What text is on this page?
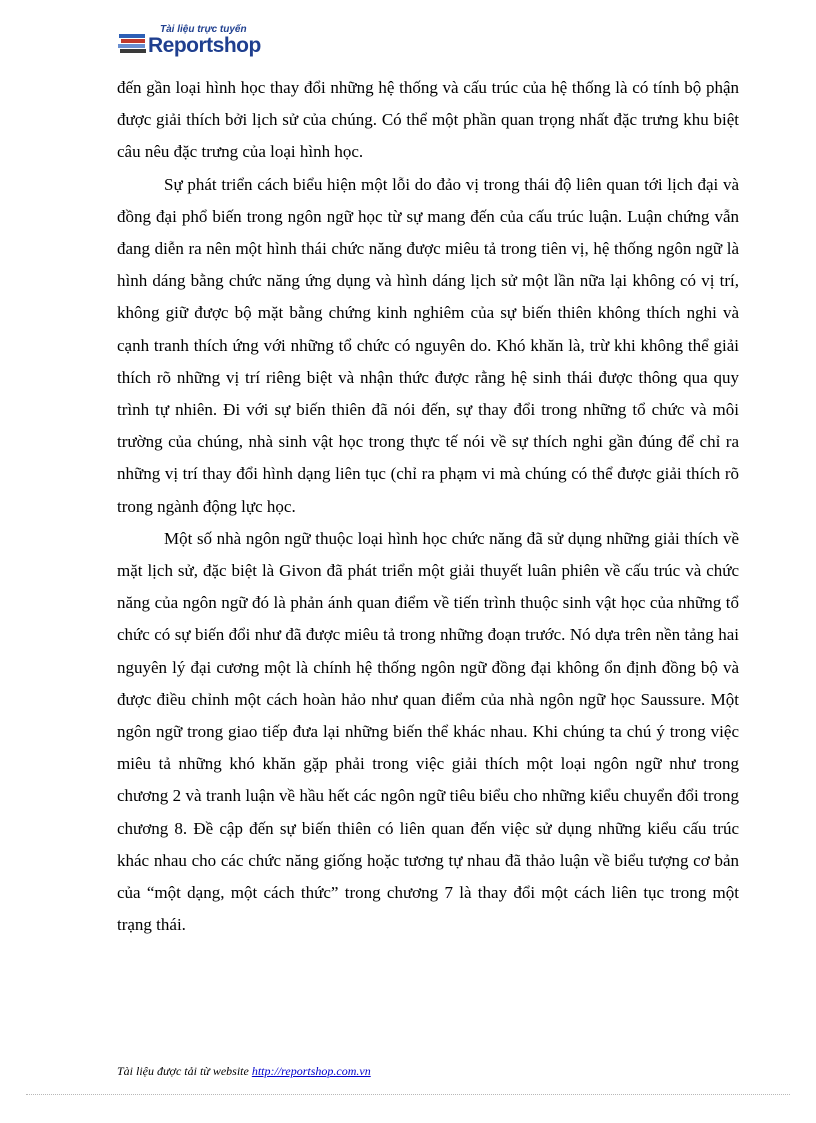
Tài liệu trực tuyến
Reportshop

đến gần loại hình học thay đổi những hệ thống và cấu trúc của hệ thống là có tính bộ phận được giải thích bởi lịch sử của chúng. Có thể một phần quan trọng nhất đặc trưng khu biệt câu nêu đặc trưng của loại hình học.

Sự phát triển cách biểu hiện một lỗi do đảo vị trong thái độ liên quan tới lịch đại và đồng đại phổ biến trong ngôn ngữ học từ sự mang đến của cấu trúc luận. Luận chứng vẫn đang diễn ra nên một hình thái chức năng được miêu tả trong tiên vị, hệ thống ngôn ngữ là hình dáng bằng chức năng ứng dụng và hình dáng lịch sử một lần nữa lại không có vị trí, không giữ được bộ mặt bằng chứng kinh nghiêm của sự biến thiên không thích nghi và cạnh tranh thích ứng với những tổ chức có nguyên do. Khó khăn là, trừ khi không thể giải thích rõ những vị trí riêng biệt và nhận thức được rằng hệ sinh thái được thông qua quy trình tự nhiên. Đi với sự biến thiên đã nói đến, sự thay đổi trong những tổ chức và môi trường của chúng, nhà sinh vật học trong thực tế nói về sự thích nghi gần đúng để chỉ ra những vị trí thay đổi hình dạng liên tục (chỉ ra phạm vi mà chúng có thể được giải thích rõ trong ngành động lực học.

Một số nhà ngôn ngữ thuộc loại hình học chức năng đã sử dụng những giải thích về mặt lịch sử, đặc biệt là Givon đã phát triển một giải thuyết luân phiên về cấu trúc và chức năng của ngôn ngữ đó là phản ánh quan điểm về tiến trình thuộc sinh vật học của những tổ chức có sự biến đổi như đã được miêu tả trong những đoạn trước. Nó dựa trên nền tảng hai nguyên lý đại cương một là chính hệ thống ngôn ngữ đồng đại không ổn định đồng bộ và được điều chỉnh một cách hoàn hảo như quan điểm của nhà ngôn ngữ học Saussure. Một ngôn ngữ trong giao tiếp đưa lại những biến thể khác nhau. Khi chúng ta chú ý trong việc miêu tả những khó khăn gặp phải trong việc giải thích một loại ngôn ngữ như trong chương 2 và tranh luận về hầu hết các ngôn ngữ tiêu biểu cho những kiểu chuyển đổi trong chương 8. Đề cập đến sự biến thiên có liên quan đến việc sử dụng những kiểu cấu trúc khác nhau cho các chức năng giống hoặc tương tự nhau đã thảo luận về biểu tượng cơ bản của “một dạng, một cách thức” trong chương 7 là thay đổi một cách liên tục trong một trạng thái.

Tài liệu được tải từ website http://reportshop.com.vn
